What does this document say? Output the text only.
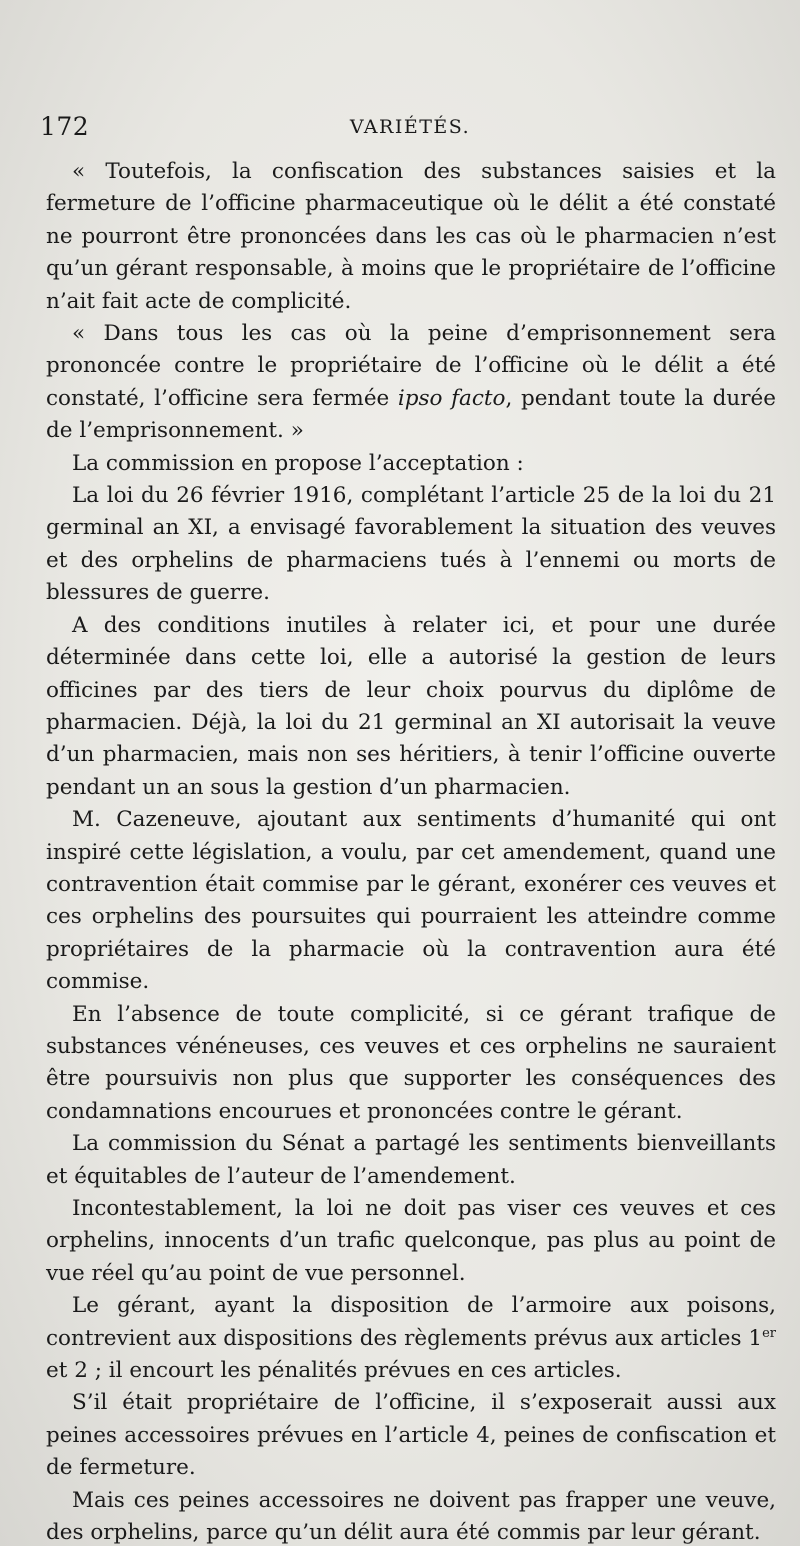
172	VARIÉTÉS.

« Toutefois, la confiscation des substances saisies et la fermeture de l’officine pharmaceutique où le délit a été constaté ne pourront être prononcées dans les cas où le pharmacien n’est qu’un gérant responsable, à moins que le propriétaire de l’officine n’ait fait acte de complicité.

« Dans tous les cas où la peine d’emprisonnement sera prononcée contre le propriétaire de l’officine où le délit a été constaté, l’officine sera fermée ipso facto, pendant toute la durée de l’emprisonnement. »

La commission en propose l’acceptation :

La loi du 26 février 1916, complétant l’article 25 de la loi du 21 germinal an XI, a envisagé favorablement la situation des veuves et des orphelins de pharmaciens tués à l’ennemi ou morts de blessures de guerre.

A des conditions inutiles à relater ici, et pour une durée déterminée dans cette loi, elle a autorisé la gestion de leurs officines par des tiers de leur choix pourvus du diplôme de pharmacien. Déjà, la loi du 21 germinal an XI autorisait la veuve d’un pharmacien, mais non ses héritiers, à tenir l’officine ouverte pendant un an sous la gestion d’un pharmacien.

M. Cazeneuve, ajoutant aux sentiments d’humanité qui ont inspiré cette législation, a voulu, par cet amendement, quand une contravention était commise par le gérant, exonérer ces veuves et ces orphelins des poursuites qui pourraient les atteindre comme propriétaires de la pharmacie où la contravention aura été commise.

En l’absence de toute complicité, si ce gérant trafique de substances vénéneuses, ces veuves et ces orphelins ne sauraient être poursuivis non plus que supporter les conséquences des condamnations encourues et prononcées contre le gérant.

La commission du Sénat a partagé les sentiments bienveillants et équitables de l’auteur de l’amendement.

Incontestablement, la loi ne doit pas viser ces veuves et ces orphelins, innocents d’un trafic quelconque, pas plus au point de vue réel qu’au point de vue personnel.

Le gérant, ayant la disposition de l’armoire aux poisons, contrevient aux dispositions des règlements prévus aux articles 1er et 2 ; il encourt les pénalités prévues en ces articles.

S’il était propriétaire de l’officine, il s’exposerait aussi aux peines accessoires prévues en l’article 4, peines de confiscation et de fermeture.

Mais ces peines accessoires ne doivent pas frapper une veuve, des orphelins, parce qu’un délit aura été commis par leur gérant.
